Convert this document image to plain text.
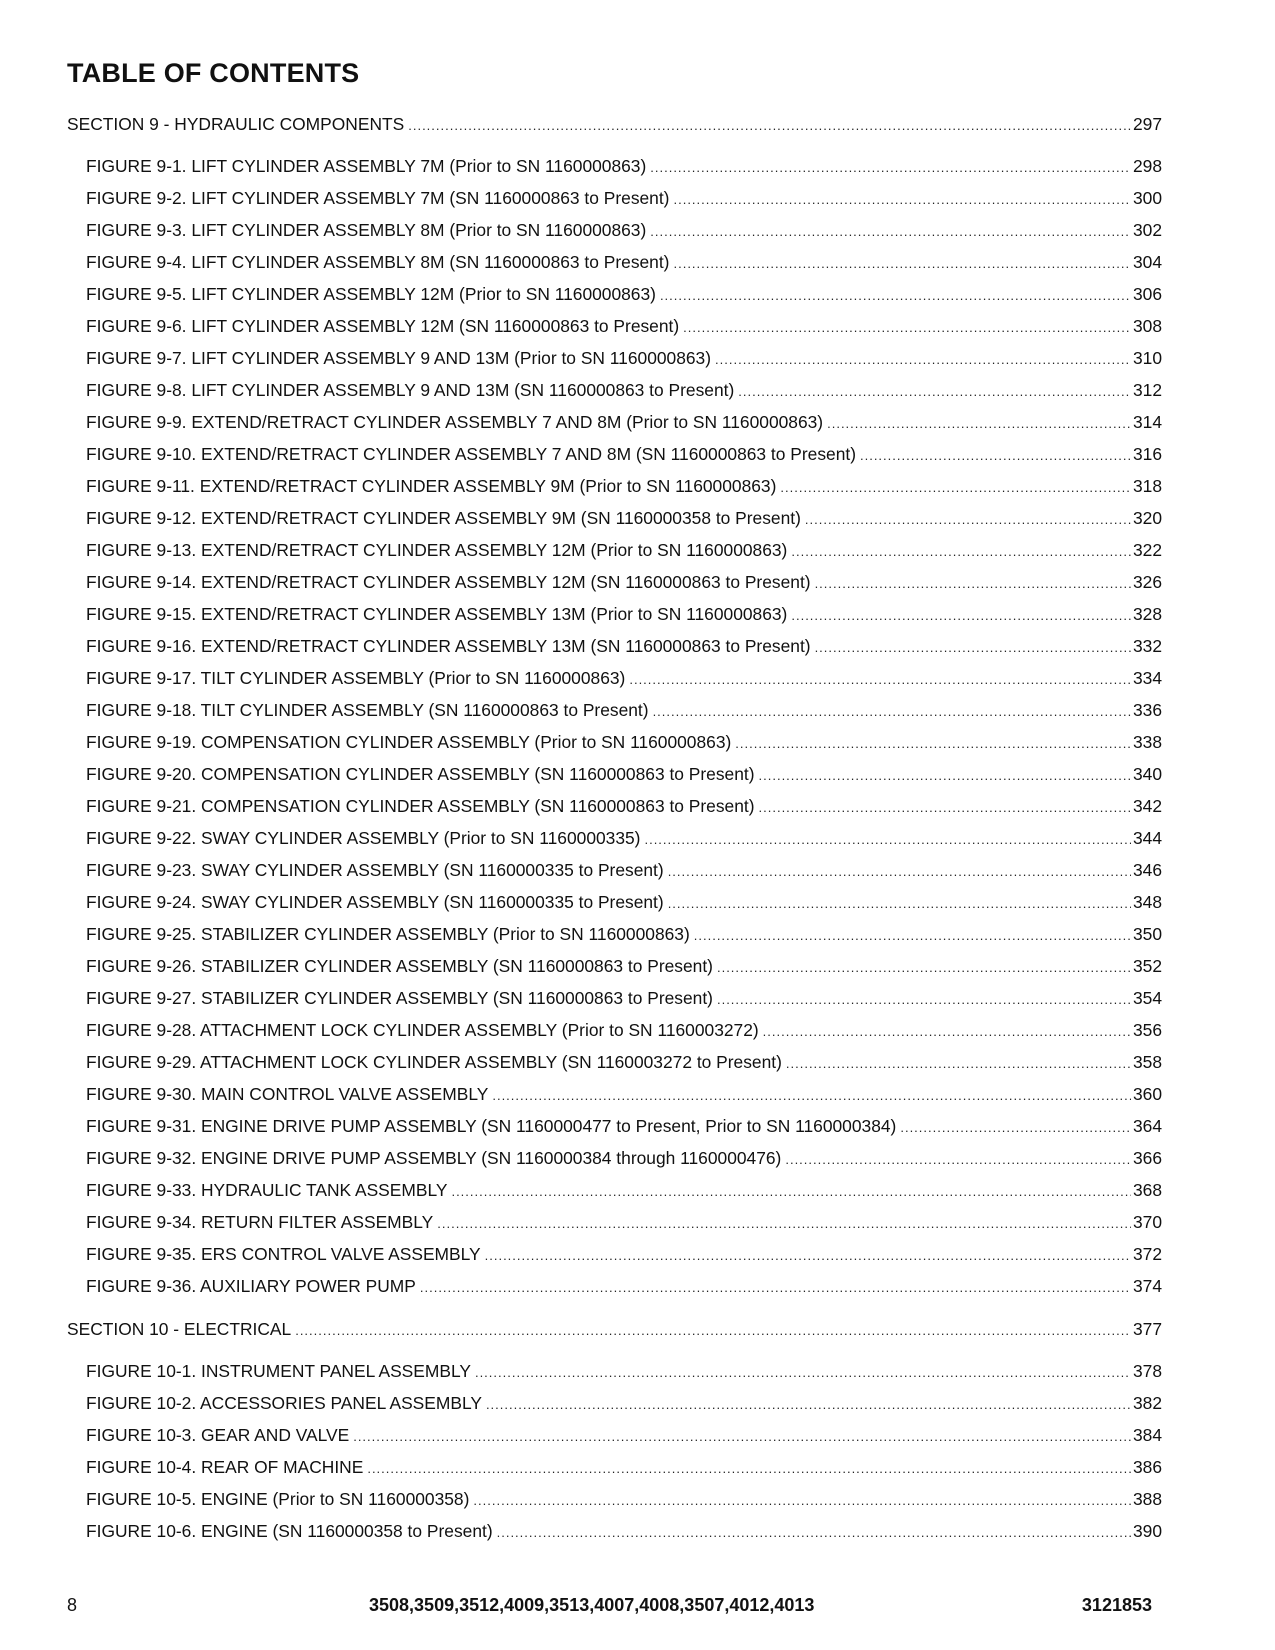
TABLE OF CONTENTS
SECTION 9 - HYDRAULIC COMPONENTS .....	297
FIGURE 9-1. LIFT CYLINDER ASSEMBLY 7M (Prior to SN 1160000863) .....	298
FIGURE 9-2. LIFT CYLINDER ASSEMBLY 7M (SN 1160000863 to Present) .....	300
FIGURE 9-3. LIFT CYLINDER ASSEMBLY 8M (Prior to SN 1160000863) .....	302
FIGURE 9-4. LIFT CYLINDER ASSEMBLY 8M (SN 1160000863 to Present) .....	304
FIGURE 9-5. LIFT CYLINDER ASSEMBLY 12M (Prior to SN 1160000863) .....	306
FIGURE 9-6. LIFT CYLINDER ASSEMBLY 12M (SN 1160000863 to Present) .....	308
FIGURE 9-7. LIFT CYLINDER ASSEMBLY 9 AND 13M (Prior to SN 1160000863) .....	310
FIGURE 9-8. LIFT CYLINDER ASSEMBLY 9 AND 13M (SN 1160000863 to Present) .....	312
FIGURE 9-9. EXTEND/RETRACT CYLINDER ASSEMBLY 7 AND 8M (Prior to SN 1160000863) .....	314
FIGURE 9-10. EXTEND/RETRACT CYLINDER ASSEMBLY 7 AND 8M (SN 1160000863 to Present) .....	316
FIGURE 9-11. EXTEND/RETRACT CYLINDER ASSEMBLY 9M (Prior to SN 1160000863) .....	318
FIGURE 9-12. EXTEND/RETRACT CYLINDER ASSEMBLY 9M (SN 1160000358 to Present) .....	320
FIGURE 9-13. EXTEND/RETRACT CYLINDER ASSEMBLY 12M (Prior to SN 1160000863) .....	322
FIGURE 9-14. EXTEND/RETRACT CYLINDER ASSEMBLY 12M (SN 1160000863 to Present) .....	326
FIGURE 9-15. EXTEND/RETRACT CYLINDER ASSEMBLY 13M (Prior to SN 1160000863) .....	328
FIGURE 9-16. EXTEND/RETRACT CYLINDER ASSEMBLY 13M (SN 1160000863 to Present) .....	332
FIGURE 9-17. TILT CYLINDER ASSEMBLY (Prior to SN 1160000863) .....	334
FIGURE 9-18. TILT CYLINDER ASSEMBLY (SN 1160000863 to Present) .....	336
FIGURE 9-19. COMPENSATION CYLINDER ASSEMBLY (Prior to SN 1160000863) .....	338
FIGURE 9-20. COMPENSATION CYLINDER ASSEMBLY (SN 1160000863 to Present) .....	340
FIGURE 9-21. COMPENSATION CYLINDER ASSEMBLY (SN 1160000863 to Present) .....	342
FIGURE 9-22. SWAY CYLINDER ASSEMBLY (Prior to SN 1160000335) .....	344
FIGURE 9-23. SWAY CYLINDER ASSEMBLY (SN 1160000335 to Present) .....	346
FIGURE 9-24. SWAY CYLINDER ASSEMBLY (SN 1160000335 to Present) .....	348
FIGURE 9-25. STABILIZER CYLINDER ASSEMBLY (Prior to SN 1160000863) .....	350
FIGURE 9-26. STABILIZER CYLINDER ASSEMBLY (SN 1160000863 to Present) .....	352
FIGURE 9-27. STABILIZER CYLINDER ASSEMBLY (SN 1160000863 to Present) .....	354
FIGURE 9-28. ATTACHMENT LOCK CYLINDER ASSEMBLY (Prior to SN 1160003272) .....	356
FIGURE 9-29. ATTACHMENT LOCK CYLINDER ASSEMBLY (SN 1160003272 to Present) .....	358
FIGURE 9-30. MAIN CONTROL VALVE ASSEMBLY .....	360
FIGURE 9-31. ENGINE DRIVE PUMP ASSEMBLY (SN 1160000477 to Present, Prior to SN 1160000384) .....	364
FIGURE 9-32. ENGINE DRIVE PUMP ASSEMBLY (SN 1160000384 through 1160000476) .....	366
FIGURE 9-33. HYDRAULIC TANK ASSEMBLY .....	368
FIGURE 9-34. RETURN FILTER ASSEMBLY .....	370
FIGURE 9-35. ERS CONTROL VALVE ASSEMBLY .....	372
FIGURE 9-36. AUXILIARY POWER PUMP .....	374
SECTION 10 - ELECTRICAL .....	377
FIGURE 10-1. INSTRUMENT PANEL ASSEMBLY .....	378
FIGURE 10-2. ACCESSORIES PANEL ASSEMBLY .....	382
FIGURE 10-3. GEAR AND VALVE .....	384
FIGURE 10-4. REAR OF MACHINE .....	386
FIGURE 10-5. ENGINE (Prior to SN 1160000358) .....	388
FIGURE 10-6. ENGINE (SN 1160000358 to Present) .....	390
8	3508,3509,3512,4009,3513,4007,4008,3507,4012,4013	3121853
